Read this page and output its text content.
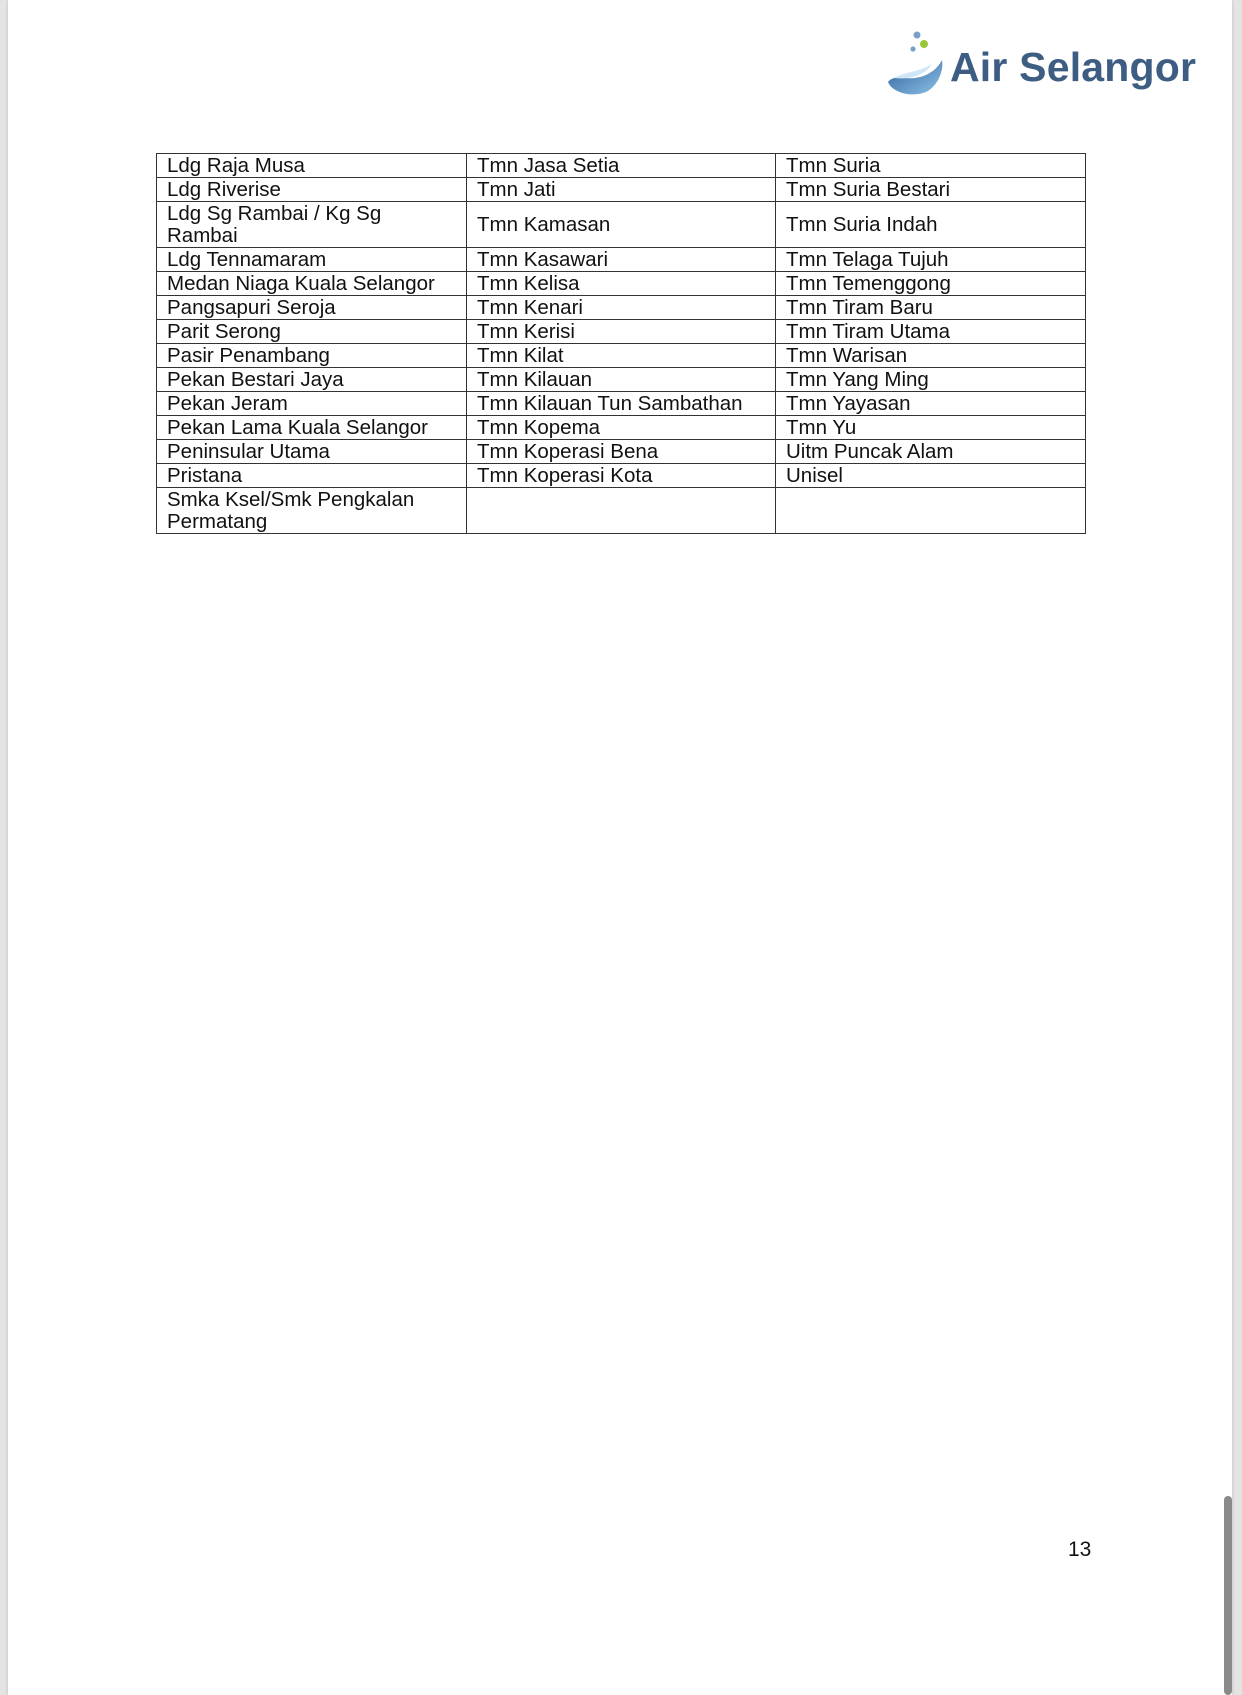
Air Selangor
Ldg Raja Musa	Tmn Jasa Setia	Tmn Suria
Ldg Riverise	Tmn Jati	Tmn Suria Bestari
Ldg Sg Rambai / Kg Sg Rambai	Tmn Kamasan	Tmn Suria Indah
Ldg Tennamaram	Tmn Kasawari	Tmn Telaga Tujuh
Medan Niaga Kuala Selangor	Tmn Kelisa	Tmn Temenggong
Pangsapuri Seroja	Tmn Kenari	Tmn Tiram Baru
Parit Serong	Tmn Kerisi	Tmn Tiram Utama
Pasir Penambang	Tmn Kilat	Tmn Warisan
Pekan Bestari Jaya	Tmn Kilauan	Tmn Yang Ming
Pekan Jeram	Tmn Kilauan Tun Sambathan	Tmn Yayasan
Pekan Lama Kuala Selangor	Tmn Kopema	Tmn Yu
Peninsular Utama	Tmn Koperasi Bena	Uitm Puncak Alam
Pristana	Tmn Koperasi Kota	Unisel
Smka Ksel/Smk Pengkalan Permatang		
13
